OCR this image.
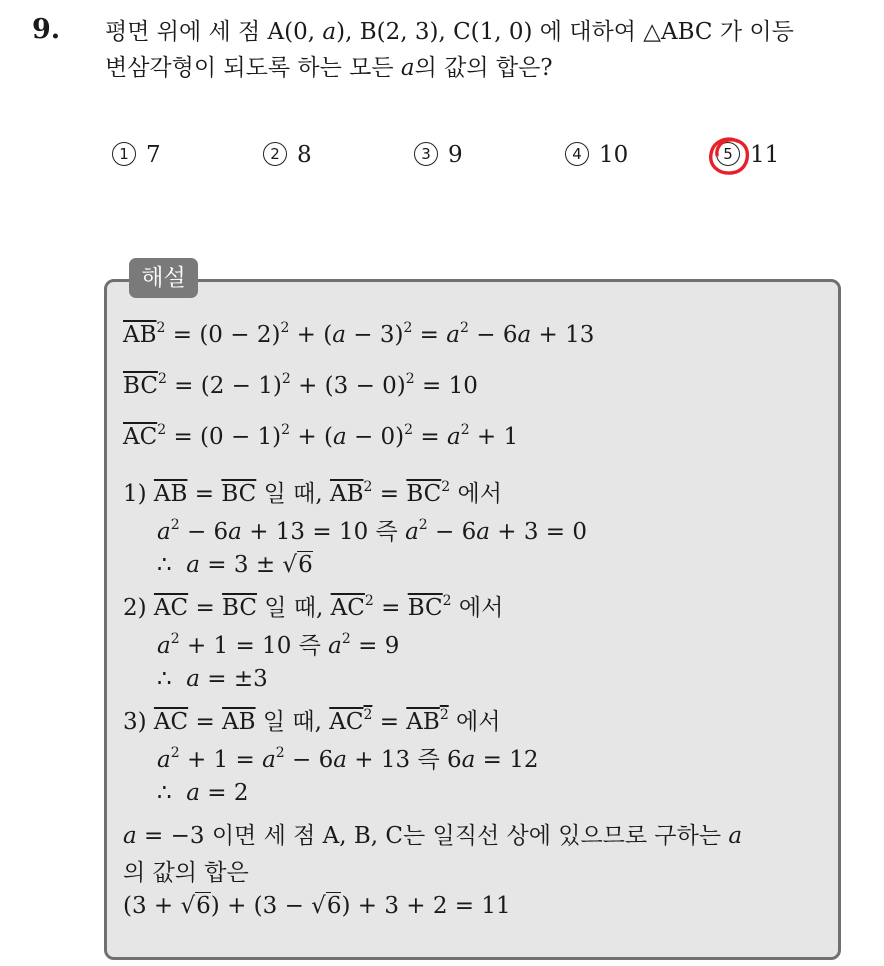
9. 평면 위에 세 점 A(0, a), B(2, 3), C(1, 0) 에 대하여 △ABC 가 이등
변삼각형이 되도록 하는 모든 a의 값의 합은?
1 7	2 8	3 9	4 10	5 11
해설
$\overline{AB}^2 = (0 - 2)^2 + (a - 3)^2 = a^2 - 6a + 13$
$\overline{BC}^2 = (2 - 1)^2 + (3 - 0)^2 = 10$
$\overline{AC}^2 = (0 - 1)^2 + (a - 0)^2 = a^2 + 1$
1) $\overline{AB} = \overline{BC}$ 일 때, $\overline{AB}^2 = \overline{BC}^2$ 에서
$a^2 - 6a + 13 = 10$ 즉 $a^2 - 6a + 3 = 0$
∴ a = 3 ± √6
2) $\overline{AC} = \overline{BC}$ 일 때, $\overline{AC}^2 = \overline{BC}^2$ 에서
$a^2 + 1 = 10$ 즉 $a^2 = 9$
∴ a = ±3
3) $\overline{AC} = \overline{AB}$ 일 때, $AC^2 = AB^2$ 에서
$a^2 + 1 = a^2 - 6a + 13$ 즉 6a = 12
∴ a = 2
a = −3 이면 세 점 A, B, C는 일직선 상에 있으므로 구하는 a
의 값의 합은
(3 + √6) + (3 − √6) + 3 + 2 = 11
